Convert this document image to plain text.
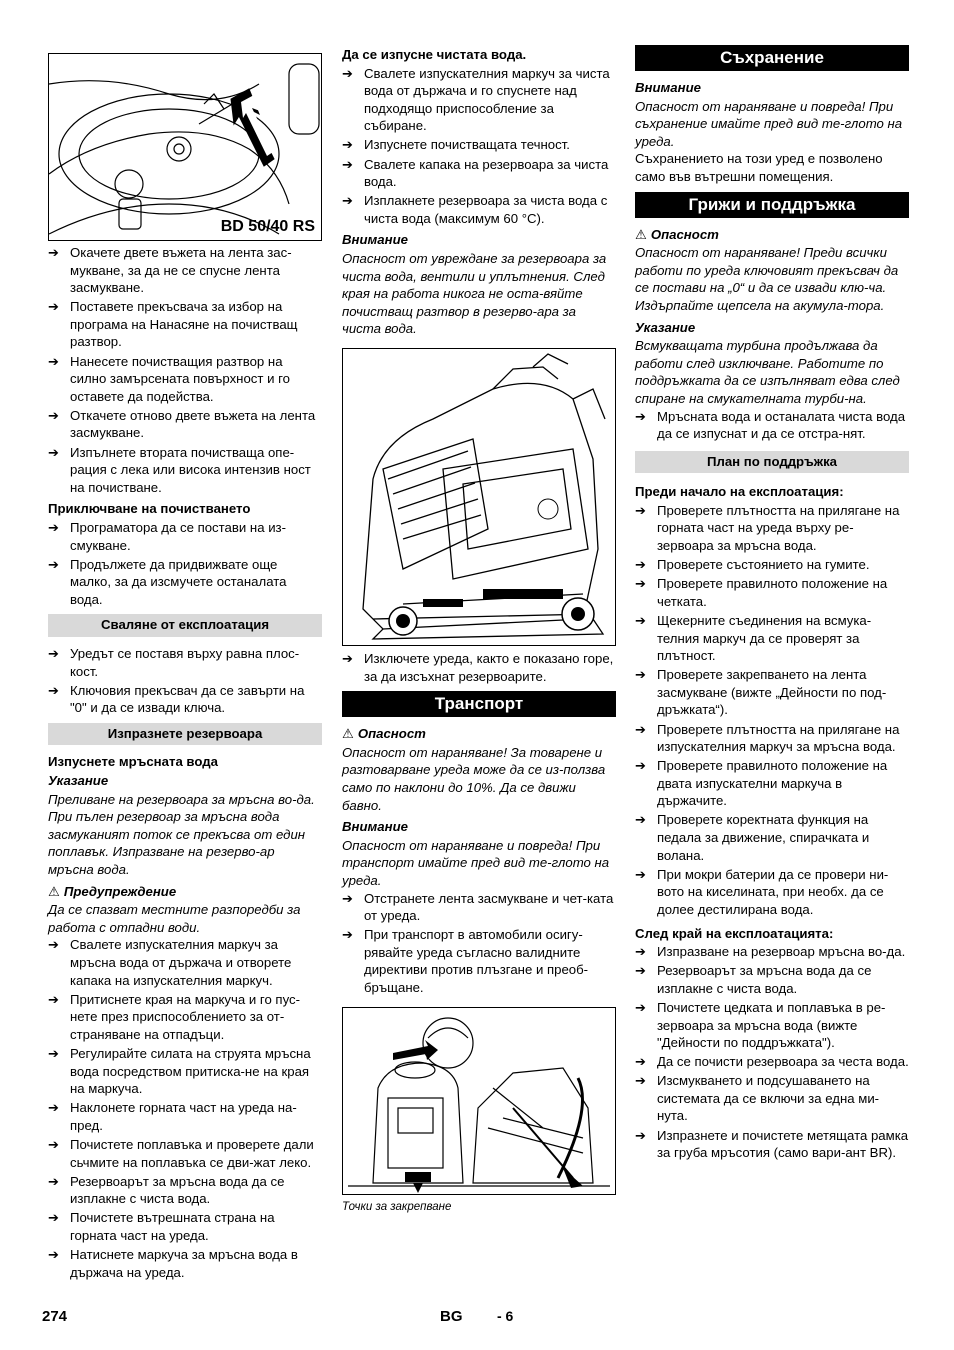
BD 50/40 RS
➔ Окачете двете въжета на лента зас-мукване, за да не се спусне лента засмукване.
➔ Поставете прекъсвача за избор на програма на Нанасяне на почистващ разтвор.
➔ Нанесете почистващия разтвор на силно замърсената повърхност и го оставете да подейства.
➔ Откачете отново двете въжета на лента засмукване.
➔ Изпълнете втората почистваща опе-рация с лека или висока интензив ност на почистване.
Приключване на почистването
➔ Програматора да се постави на из-смукване.
➔ Продължете да придвижвате още малко, за да изсмучете останалата вода.
Сваляне от експлоатация
➔ Уредът се поставя върху равна плос-кост.
➔ Ключовия прекъсвач да се завърти на "0" и да се извади ключа.
Изпразнете резервоара
Изпуснете мръсната вода
Указание
Преливане на резервоара за мръсна во-да. При пълен резервоар за мръсна вода засмуканият поток се прекъсва от един поплавък. Изпразване на резерво-ар мръсна вода.
⚠ Предупреждение
Да се спазват местните разпоредби за работа с отпадни води.
➔ Свалете изпускателния маркуч за мръсна вода от държача и отворете капака на изпускателния маркуч.
➔ Притиснете края на маркуча и го пус-нете през приспособлението за от-страняване на отпадъци.
➔ Регулирайте силата на струята мръсна вода посредством притиска-не на края на маркуча.
➔ Наклонете горната част на уреда на-пред.
➔ Почистете поплавъка и проверете дали сьчмите на поплавъка се дви-жат леко.
➔ Резервоарът за мръсна вода да се изплакне с чиста вода.
➔ Почистете вътрешната страна на горната част на уреда.
➔ Натиснете маркуча за мръсна вода в държача на уреда.
Да се изпусне чистата вода.
➔ Свалете изпускателния маркуч за чиста вода от държача и го спуснете над подходящо приспособление за събиране.
➔ Изпуснете почистващата течност.
➔ Свалете капака на резервоара за чиста вода.
➔ Изплакнете резервоара за чиста вода с чиста вода (максимум 60 °C).
Внимание
Опасност от увреждане за резервоара за чиста вода, вентили и уплътнения. След края на работа никога не оста-вяйте почистващ разтвор в резерво-ара за чиста вода.
➔ Изключете уреда, както е показано горе, за да изсъхнат резервоарите.
Транспорт
⚠ Опасност
Опасност от нараняване! За товарене и разтоварване уреда може да се из-ползва само по наклони до 10%. Да се движи бавно.
Внимание
Опасност от нараняване и повреда! При транспорт имайте пред вид те-глото на уреда.
➔ Отстранете лента засмукване и чет-ката от уреда.
➔ При транспорт в автомобили осигу-рявайте уреда съгласно валидните директиви против плъзгане и преоб-бръщане.
Точки за закрепване
Съхранение
Внимание
Опасност от нараняване и повреда! При съхранение имайте пред вид те-глото на уреда.
Съхранението на този уред е позволено само във вътрешни помещения.
Грижи и поддръжка
⚠ Опасност
Опасност от нараняване! Преди всички работи по уреда ключовият прекъсвач да се постави на „0“ и да се извади клю-ча. Издърпайте щепсела на акумула-тора.
Указание
Всмукващата турбина продължава да работи след изключване. Работите по поддръжката да се изпълняват едва след спиране на смукателната турби-на.
➔ Мръсната вода и останалата чиста вода да се изпуснат и да се отстра-нят.
План по поддръжка
Преди начало на експлоатация:
➔ Проверете плътността на прилягане на горната част на уреда върху ре-зервоара за мръсна вода.
➔ Проверете състоянието на гумите.
➔ Проверете правилното положение на четката.
➔ Щекерните съединения на всмука-телния маркуч да се проверят за плътност.
➔ Проверете закрепването на лента засмукване (вижте „Дейности по под-дръжката“).
➔ Проверете плътността на прилягане на изпускателния маркуч за мръсна вода.
➔ Проверете правилното положение на двата изпускателни маркуча в държачите.
➔ Проверете коректната функция на педала за движение, спирачката и волана.
➔ При мокри батерии да се провери ни-вото на киселината, при необх. да се долее дестилирана вода.
След край на експлоатацията:
➔ Изпразване на резервоар мръсна во-да.
➔ Резервоарът за мръсна вода да се изплакне с чиста вода.
➔ Почистете цедката и поплавъка в ре-зервоара за мръсна вода (вижте "Дейности по поддръжката").
➔ Да се почисти резервоара за честа вода.
➔ Изсмукването и подсушаването на системата да се включи за една ми-нута.
➔ Изпразнете и почистете метящата рамка за груба мръсотия (само вари-ант BR).
274	BG - 6
